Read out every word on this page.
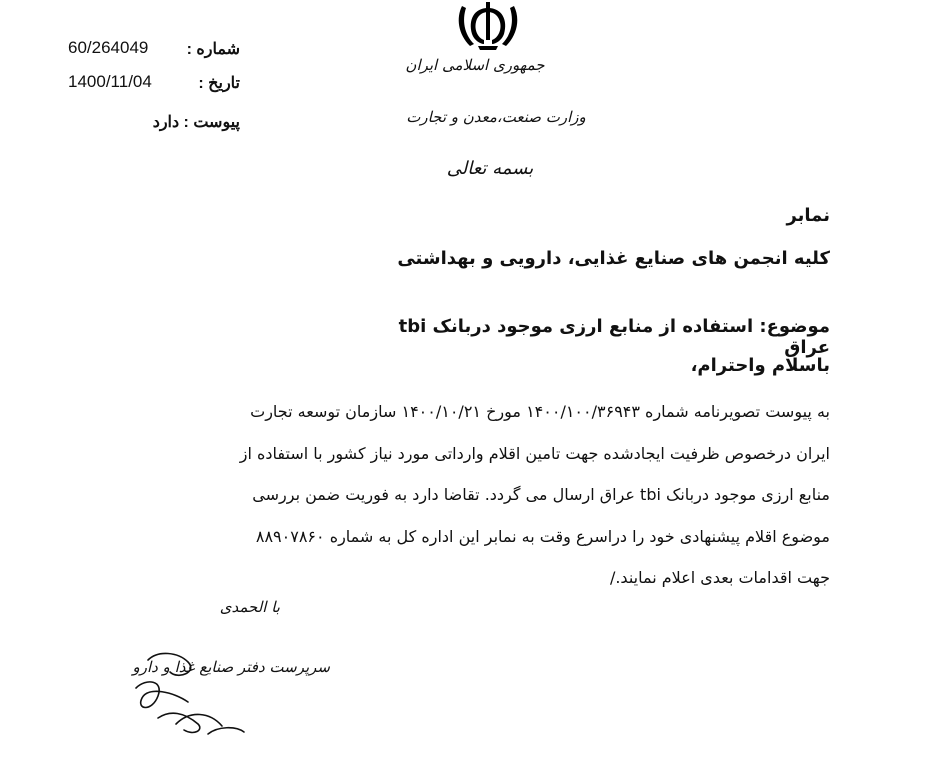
جمهوری اسلامی ایران
وزارت صنعت،معدن و تجارت
بسمه تعالی
60/264049 شماره :
1400/11/04	تاریخ :
پیوست : دارد
نمابر
کلیه انجمن های صنایع غذایی، دارویی و بهداشتی
موضوع: استفاده از منابع ارزی موجود دربانک tbi عراق
باسلام واحترام،
به پیوست تصویرنامه شماره ۱۴۰۰/۱۰۰/۳۶۹۴۳ مورخ ۱۴۰۰/۱۰/۲۱ سازمان توسعه تجارت
ایران درخصوص ظرفیت ایجادشده جهت تامین اقلام وارداتی مورد نیاز کشور با استفاده از
منابع ارزی موجود دربانک tbi عراق ارسال می گردد. تقاضا دارد به فوریت ضمن بررسی
موضوع اقلام پیشنهادی خود را دراسرع وقت به نمابر این اداره کل به شماره ۸۸۹۰۷۸۶۰
جهت اقدامات بعدی اعلام نمایند./
با الحمدی
سرپرست دفتر صنایع غذا و دارو
